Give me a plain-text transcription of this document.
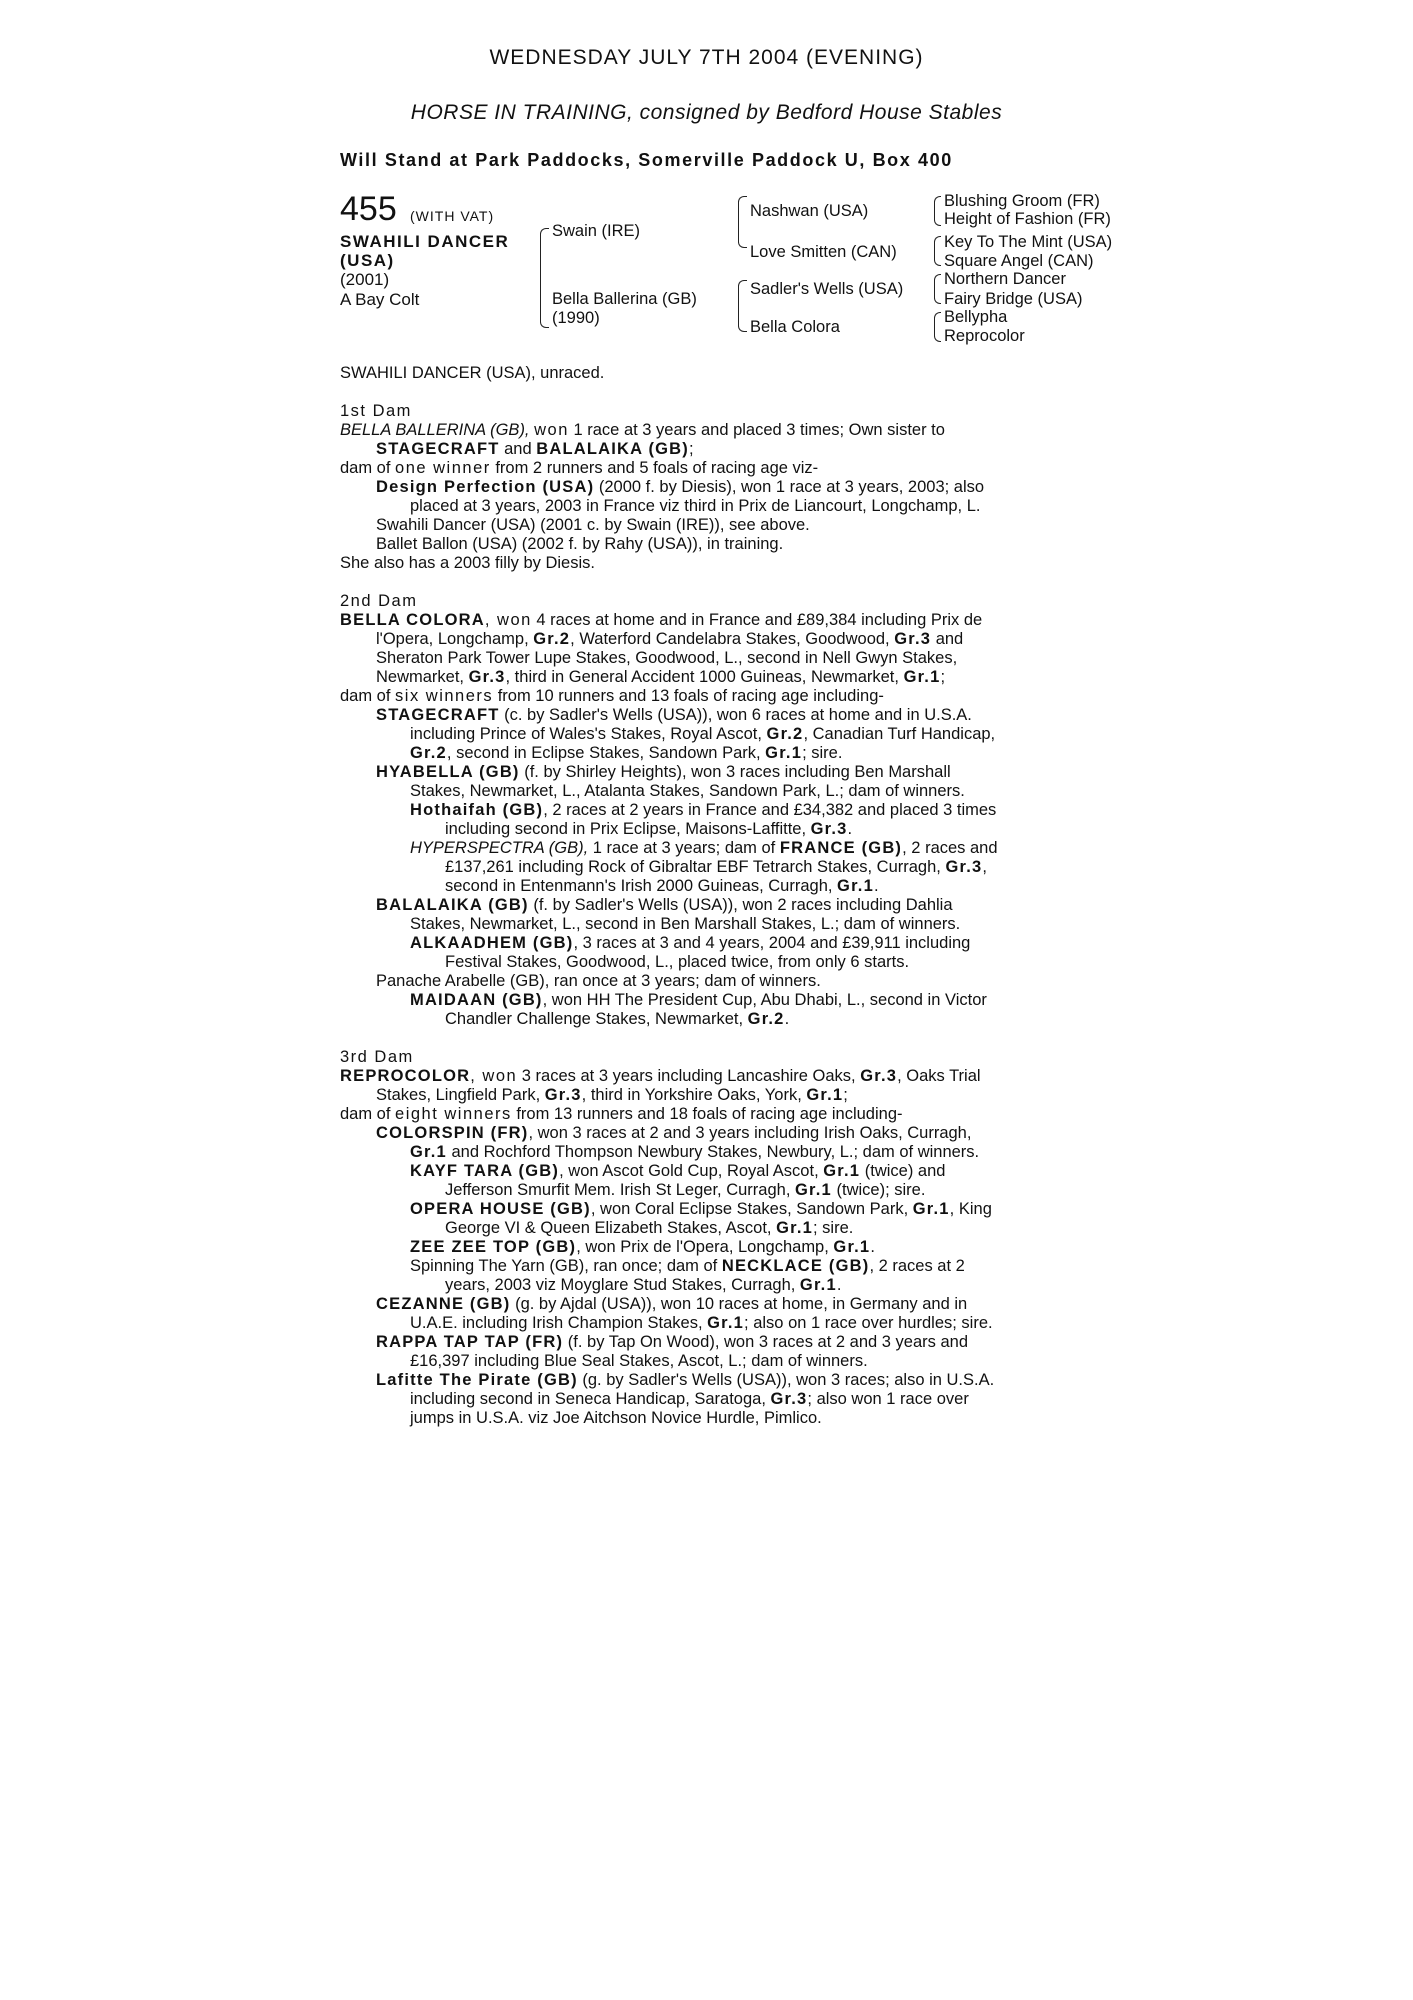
WEDNESDAY JULY 7TH 2004 (EVENING)
HORSE IN TRAINING, consigned by Bedford House Stables
Will Stand at Park Paddocks, Somerville Paddock U, Box 400
455 (WITH VAT)
SWAHILI DANCER
(USA)
(2001)
A Bay Colt
Swain (IRE)
Bella Ballerina (GB)
(1990)
Nashwan (USA)
Love Smitten (CAN)
Sadler's Wells (USA)
Bella Colora
Blushing Groom (FR)
Height of Fashion (FR)
Key To The Mint (USA)
Square Angel (CAN)
Northern Dancer
Fairy Bridge (USA)
Bellypha
Reprocolor
SWAHILI DANCER (USA), unraced.
1st Dam
BELLA BALLERINA (GB), won 1 race at 3 years and placed 3 times; Own sister to
STAGECRAFT and BALALAIKA (GB);
dam of one winner from 2 runners and 5 foals of racing age viz-
Design Perfection (USA) (2000 f. by Diesis), won 1 race at 3 years, 2003; also
placed at 3 years, 2003 in France viz third in Prix de Liancourt, Longchamp, L.
Swahili Dancer (USA) (2001 c. by Swain (IRE)), see above.
Ballet Ballon (USA) (2002 f. by Rahy (USA)), in training.
She also has a 2003 filly by Diesis.
2nd Dam
BELLA COLORA, won 4 races at home and in France and £89,384 including Prix de
l'Opera, Longchamp, Gr.2, Waterford Candelabra Stakes, Goodwood, Gr.3 and
Sheraton Park Tower Lupe Stakes, Goodwood, L., second in Nell Gwyn Stakes,
Newmarket, Gr.3, third in General Accident 1000 Guineas, Newmarket, Gr.1;
dam of six winners from 10 runners and 13 foals of racing age including-
STAGECRAFT (c. by Sadler's Wells (USA)), won 6 races at home and in U.S.A.
including Prince of Wales's Stakes, Royal Ascot, Gr.2, Canadian Turf Handicap,
Gr.2, second in Eclipse Stakes, Sandown Park, Gr.1; sire.
HYABELLA (GB) (f. by Shirley Heights), won 3 races including Ben Marshall
Stakes, Newmarket, L., Atalanta Stakes, Sandown Park, L.; dam of winners.
Hothaifah (GB), 2 races at 2 years in France and £34,382 and placed 3 times
including second in Prix Eclipse, Maisons-Laffitte, Gr.3.
HYPERSPECTRA (GB), 1 race at 3 years; dam of FRANCE (GB), 2 races and
£137,261 including Rock of Gibraltar EBF Tetrarch Stakes, Curragh, Gr.3,
second in Entenmann's Irish 2000 Guineas, Curragh, Gr.1.
BALALAIKA (GB) (f. by Sadler's Wells (USA)), won 2 races including Dahlia
Stakes, Newmarket, L., second in Ben Marshall Stakes, L.; dam of winners.
ALKAADHEM (GB), 3 races at 3 and 4 years, 2004 and £39,911 including
Festival Stakes, Goodwood, L., placed twice, from only 6 starts.
Panache Arabelle (GB), ran once at 3 years; dam of winners.
MAIDAAN (GB), won HH The President Cup, Abu Dhabi, L., second in Victor
Chandler Challenge Stakes, Newmarket, Gr.2.
3rd Dam
REPROCOLOR, won 3 races at 3 years including Lancashire Oaks, Gr.3, Oaks Trial
Stakes, Lingfield Park, Gr.3, third in Yorkshire Oaks, York, Gr.1;
dam of eight winners from 13 runners and 18 foals of racing age including-
COLORSPIN (FR), won 3 races at 2 and 3 years including Irish Oaks, Curragh,
Gr.1 and Rochford Thompson Newbury Stakes, Newbury, L.; dam of winners.
KAYF TARA (GB), won Ascot Gold Cup, Royal Ascot, Gr.1 (twice) and
Jefferson Smurfit Mem. Irish St Leger, Curragh, Gr.1 (twice); sire.
OPERA HOUSE (GB), won Coral Eclipse Stakes, Sandown Park, Gr.1, King
George VI & Queen Elizabeth Stakes, Ascot, Gr.1; sire.
ZEE ZEE TOP (GB), won Prix de l'Opera, Longchamp, Gr.1.
Spinning The Yarn (GB), ran once; dam of NECKLACE (GB), 2 races at 2
years, 2003 viz Moyglare Stud Stakes, Curragh, Gr.1.
CEZANNE (GB) (g. by Ajdal (USA)), won 10 races at home, in Germany and in
U.A.E. including Irish Champion Stakes, Gr.1; also on 1 race over hurdles; sire.
RAPPA TAP TAP (FR) (f. by Tap On Wood), won 3 races at 2 and 3 years and
£16,397 including Blue Seal Stakes, Ascot, L.; dam of winners.
Lafitte The Pirate (GB) (g. by Sadler's Wells (USA)), won 3 races; also in U.S.A.
including second in Seneca Handicap, Saratoga, Gr.3; also won 1 race over
jumps in U.S.A. viz Joe Aitchson Novice Hurdle, Pimlico.
